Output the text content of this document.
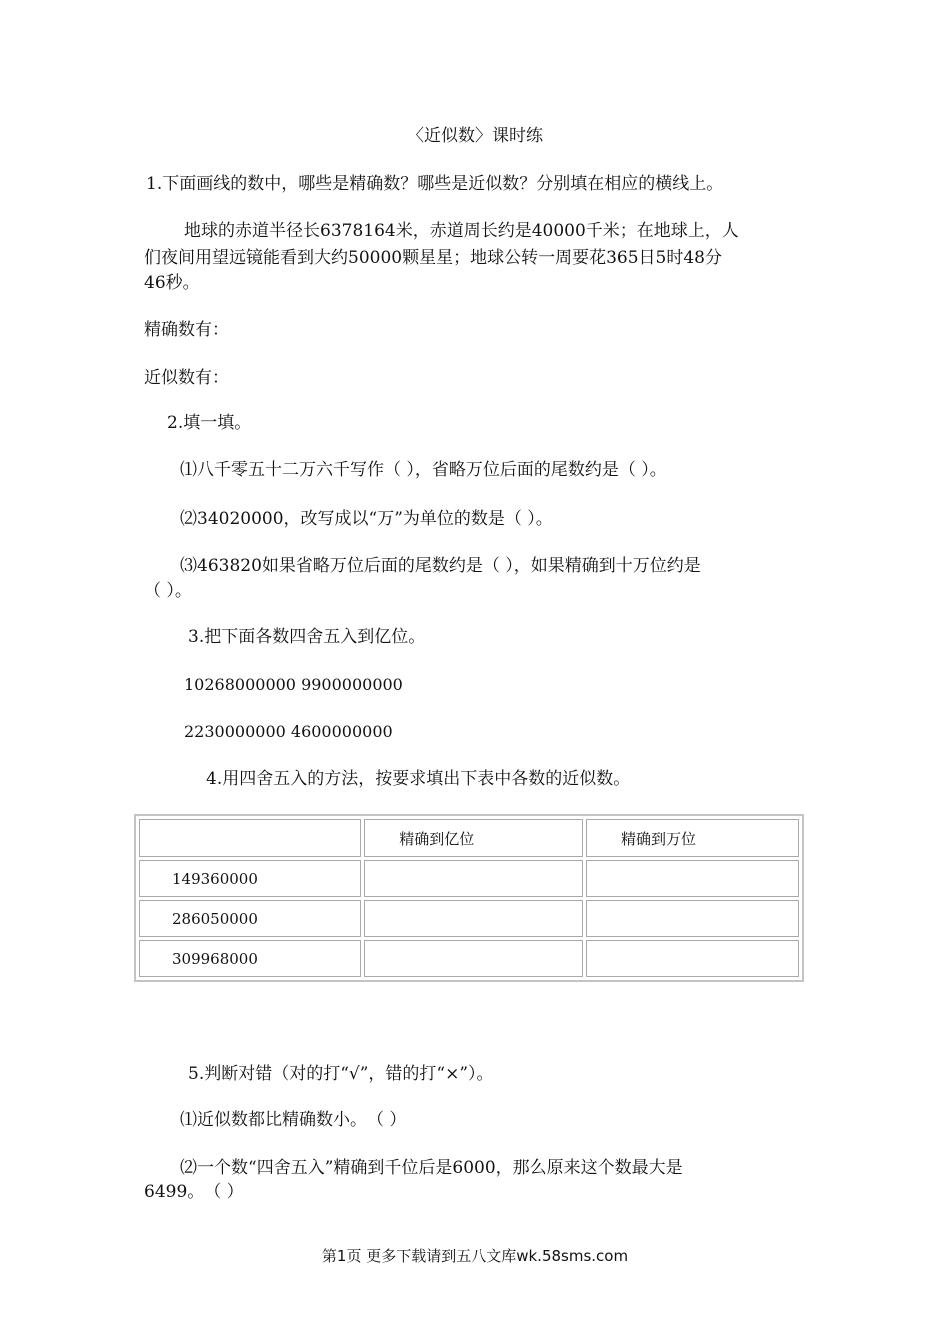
〈近似数〉课时练
1.下面画线的数中，哪些是精确数？哪些是近似数？分别填在相应的横线上。
地球的赤道半径长6378164米，赤道周长约是40000千米；在地球上，人
们夜间用望远镜能看到大约50000颗星星；地球公转一周要花365日5时48分
46秒。
精确数有：
近似数有：
2.填一填。
⑴八千零五十二万六千写作（ ），省略万位后面的尾数约是（ ）。
⑵34020000，改写成以“万”为单位的数是（ ）。
⑶463820如果省略万位后面的尾数约是（ ），如果精确到十万位约是
（ ）。
3.把下面各数四舍五入到亿位。
10268000000 9900000000
2230000000 4600000000
4.用四舍五入的方法，按要求填出下表中各数的近似数。
	精确到亿位	精确到万位
149360000		
286050000		
309968000		
5.判断对错（对的打“√”，错的打“×”）。
⑴近似数都比精确数小。　（ ）
⑵一个数“四舍五入”精确到千位后是6000，那么原来这个数最大是
6499。　（ ）
第1页 更多下载请到五八文库wk.58sms.com
